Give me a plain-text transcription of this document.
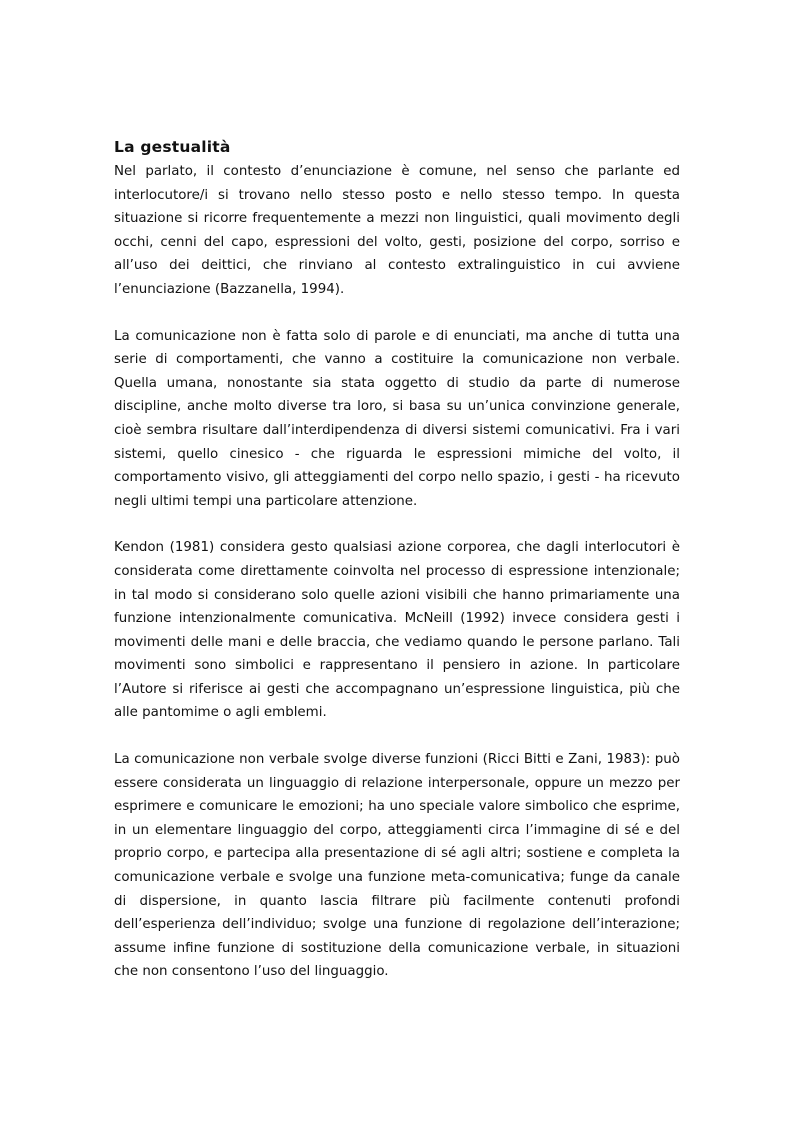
La gestualità

Nel parlato, il contesto d’enunciazione è comune, nel senso che parlante ed interlocutore/i si trovano nello stesso posto e nello stesso tempo. In questa situazione si ricorre frequentemente a mezzi non linguistici, quali movimento degli occhi, cenni del capo, espressioni del volto, gesti, posizione del corpo, sorriso e all’uso dei deittici, che rinviano al contesto extralinguistico in cui avviene l’enunciazione (Bazzanella, 1994).

La comunicazione non è fatta solo di parole e di enunciati, ma anche di tutta una serie di comportamenti, che vanno a costituire la comunicazione non verbale. Quella umana, nonostante sia stata oggetto di studio da parte di numerose discipline, anche molto diverse tra loro, si basa su un’unica convinzione generale, cioè sembra risultare dall’interdipendenza di diversi sistemi comunicativi. Fra i vari sistemi, quello cinesico - che riguarda le espressioni mimiche del volto, il comportamento visivo, gli atteggiamenti del corpo nello spazio, i gesti - ha ricevuto negli ultimi tempi una particolare attenzione.

Kendon (1981) considera gesto qualsiasi azione corporea, che dagli interlocutori è considerata come direttamente coinvolta nel processo di espressione intenzionale; in tal modo si considerano solo quelle azioni visibili che hanno primariamente una funzione intenzionalmente comunicativa. McNeill (1992) invece considera gesti i movimenti delle mani e delle braccia, che vediamo quando le persone parlano. Tali movimenti sono simbolici e rappresentano il pensiero in azione. In particolare l’Autore si riferisce ai gesti che accompagnano un’espressione linguistica, più che alle pantomime o agli emblemi.

La comunicazione non verbale svolge diverse funzioni (Ricci Bitti e Zani, 1983): può essere considerata un linguaggio di relazione interpersonale, oppure un mezzo per esprimere e comunicare le emozioni; ha uno speciale valore simbolico che esprime, in un elementare linguaggio del corpo, atteggiamenti circa l’immagine di sé e del proprio corpo, e partecipa alla presentazione di sé agli altri; sostiene e completa la comunicazione verbale e svolge una funzione meta-comunicativa; funge da canale di dispersione, in quanto lascia filtrare più facilmente contenuti profondi dell’esperienza dell’individuo; svolge una funzione di regolazione dell’interazione; assume infine funzione di sostituzione della comunicazione verbale, in situazioni che non consentono l’uso del linguaggio.
